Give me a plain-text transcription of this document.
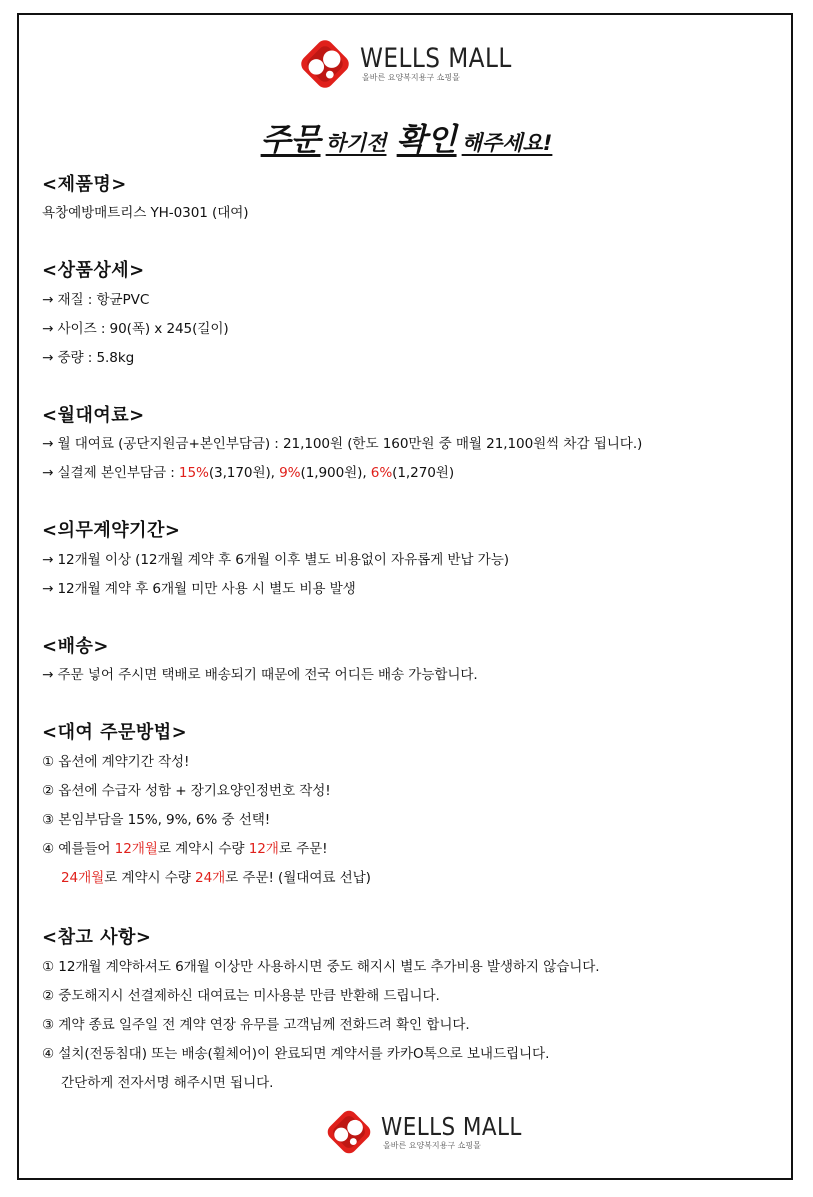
WELLS MALL
올바른 요양복지용구 쇼핑몰
주문 하기전 확인 해주세요!
<제품명>
욕창예방매트리스 YH-0301 (대여)
<상품상세>
→ 재질 : 항균PVC
→ 사이즈 : 90(폭) x 245(길이)
→ 중량 : 5.8kg
<월대여료>
→ 월 대여료 (공단지원금+본인부담금) : 21,100원 (한도 160만원 중 매월 21,100원씩 차감 됩니다.)
→ 실결제 본인부담금 : 15%(3,170원), 9%(1,900원), 6%(1,270원)
<의무계약기간>
→ 12개월 이상 (12개월 계약 후 6개월 이후 별도 비용없이 자유롭게 반납 가능)
→ 12개월 계약 후 6개월 미만 사용 시 별도 비용 발생
<배송>
→ 주문 넣어 주시면 택배로 배송되기 때문에 전국 어디든 배송 가능합니다.
<대여 주문방법>
① 옵션에 계약기간 작성!
② 옵션에 수급자 성함 + 장기요양인정번호 작성!
③ 본임부담을 15%, 9%, 6% 중 선택!
④ 예를들어 12개월로 계약시 수량 12개로 주문!
24개월로 계약시 수량 24개로 주문! (월대여료 선납)
<참고 사항>
① 12개월 계약하셔도 6개월 이상만 사용하시면 중도 해지시 별도 추가비용 발생하지 않습니다.
② 중도해지시 선결제하신 대여료는 미사용분 만큼 반환해 드립니다.
③ 계약 종료 일주일 전 계약 연장 유무를 고객님께 전화드려 확인 합니다.
④ 설치(전동침대) 또는 배송(휠체어)이 완료되면 계약서를 카카O톡으로 보내드립니다.
간단하게 전자서명 해주시면 됩니다.
WELLS MALL
올바른 요양복지용구 쇼핑몰
